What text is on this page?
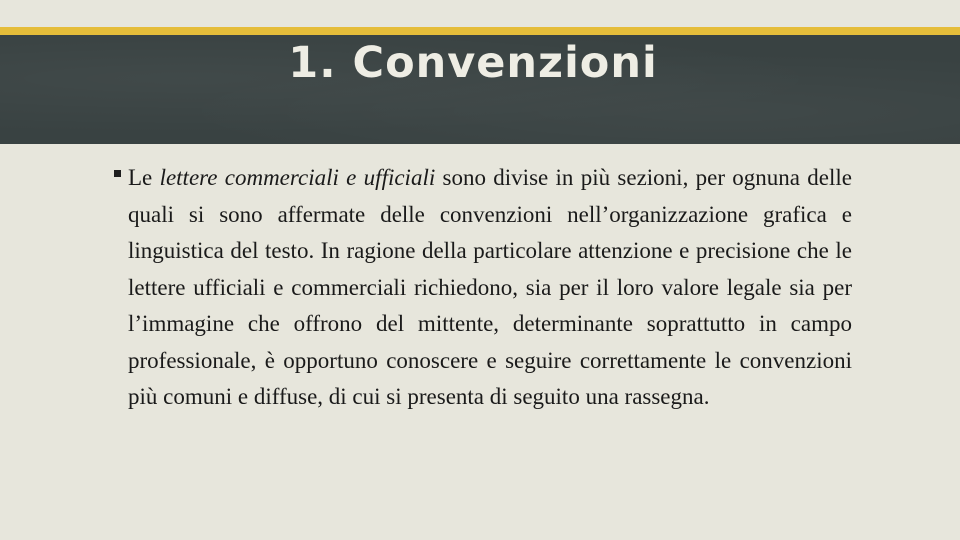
1. Convenzioni

Le lettere commerciali e ufficiali sono divise in più sezioni, per ognuna delle quali si sono affermate delle convenzioni nell’organizzazione grafica e linguistica del testo. In ragione della particolare attenzione e precisione che le lettere ufficiali e commerciali richiedono, sia per il loro valore legale sia per l’immagine che offrono del mittente, determinante soprattutto in campo professionale, è opportuno conoscere e seguire correttamente le convenzioni più comuni e diffuse, di cui si presenta di seguito una rassegna.
